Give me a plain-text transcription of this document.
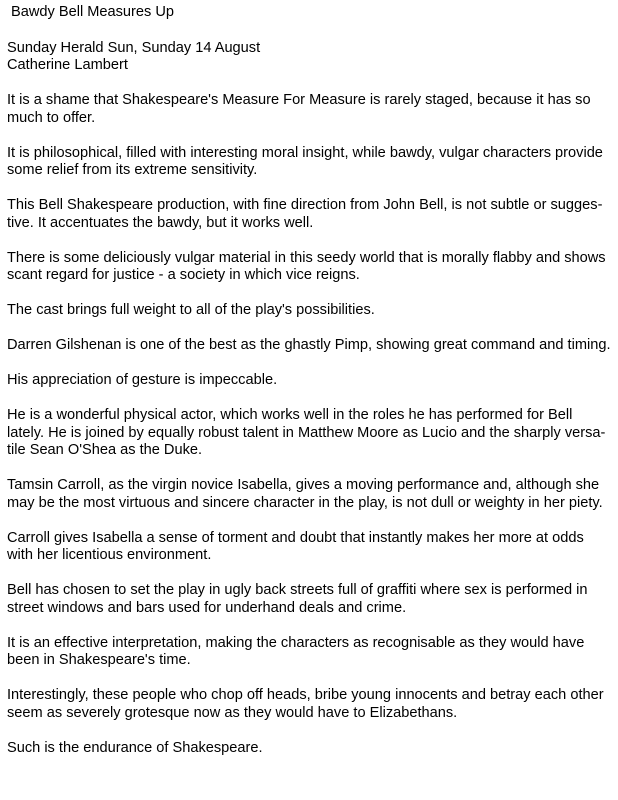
Bawdy Bell Measures Up
Sunday Herald Sun, Sunday 14 August
Catherine Lambert

It is a shame that Shakespeare's Measure For Measure is rarely staged, because it has so much to offer.

It is philosophical, filled with interesting moral insight, while bawdy, vulgar characters provide some relief from its extreme sensitivity.

This Bell Shakespeare production, with fine direction from John Bell, is not subtle or suggestive. It accentuates the bawdy, but it works well.

There is some deliciously vulgar material in this seedy world that is morally flabby and shows scant regard for justice - a society in which vice reigns.

The cast brings full weight to all of the play's possibilities.

Darren Gilshenan is one of the best as the ghastly Pimp, showing great command and timing.

His appreciation of gesture is impeccable.

He is a wonderful physical actor, which works well in the roles he has performed for Bell lately. He is joined by equally robust talent in Matthew Moore as Lucio and the sharply versatile Sean O'Shea as the Duke.

Tamsin Carroll, as the virgin novice Isabella, gives a moving performance and, although she may be the most virtuous and sincere character in the play, is not dull or weighty in her piety.

Carroll gives Isabella a sense of torment and doubt that instantly makes her more at odds with her licentious environment.

Bell has chosen to set the play in ugly back streets full of graffiti where sex is performed in street windows and bars used for underhand deals and crime.

It is an effective interpretation, making the characters as recognisable as they would have been in Shakespeare's time.

Interestingly, these people who chop off heads, bribe young innocents and betray each other seem as severely grotesque now as they would have to Elizabethans.

Such is the endurance of Shakespeare.
